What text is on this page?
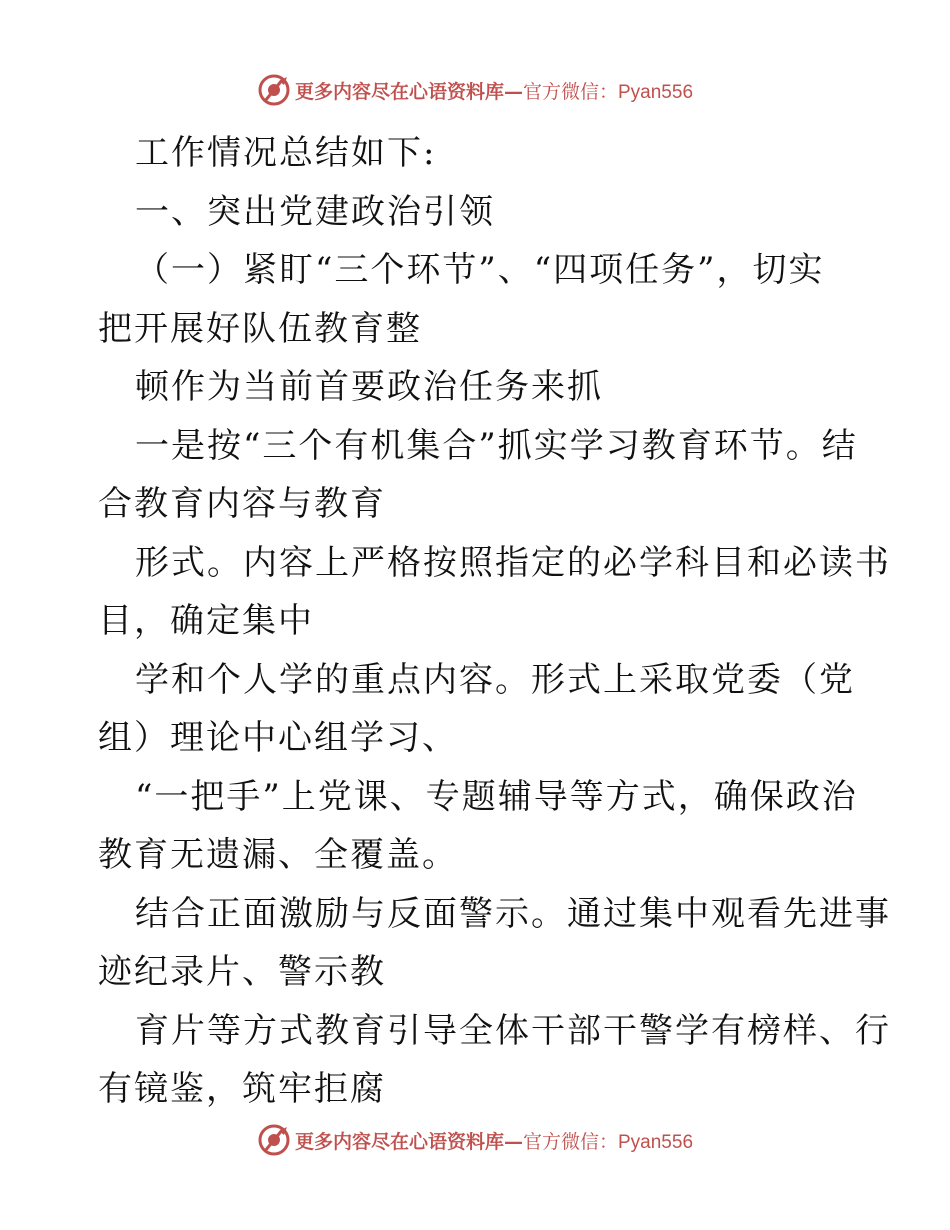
更多内容尽在心语资料库—官方微信：Pyan556
工作情况总结如下:
一、突出党建政治引领
（一）紧盯“三个环节”、“四项任务”，切实
把开展好队伍教育整
顿作为当前首要政治任务来抓
一是按“三个有机集合”抓实学习教育环节。结
合教育内容与教育
形式。内容上严格按照指定的必学科目和必读书
目，确定集中
学和个人学的重点内容。形式上采取党委（党
组）理论中心组学习、
“一把手”上党课、专题辅导等方式，确保政治
教育无遗漏、全覆盖。
结合正面激励与反面警示。通过集中观看先进事
迹纪录片、警示教
育片等方式教育引导全体干部干警学有榜样、行
有镜鉴，筑牢拒腐
更多内容尽在心语资料库—官方微信：Pyan556
